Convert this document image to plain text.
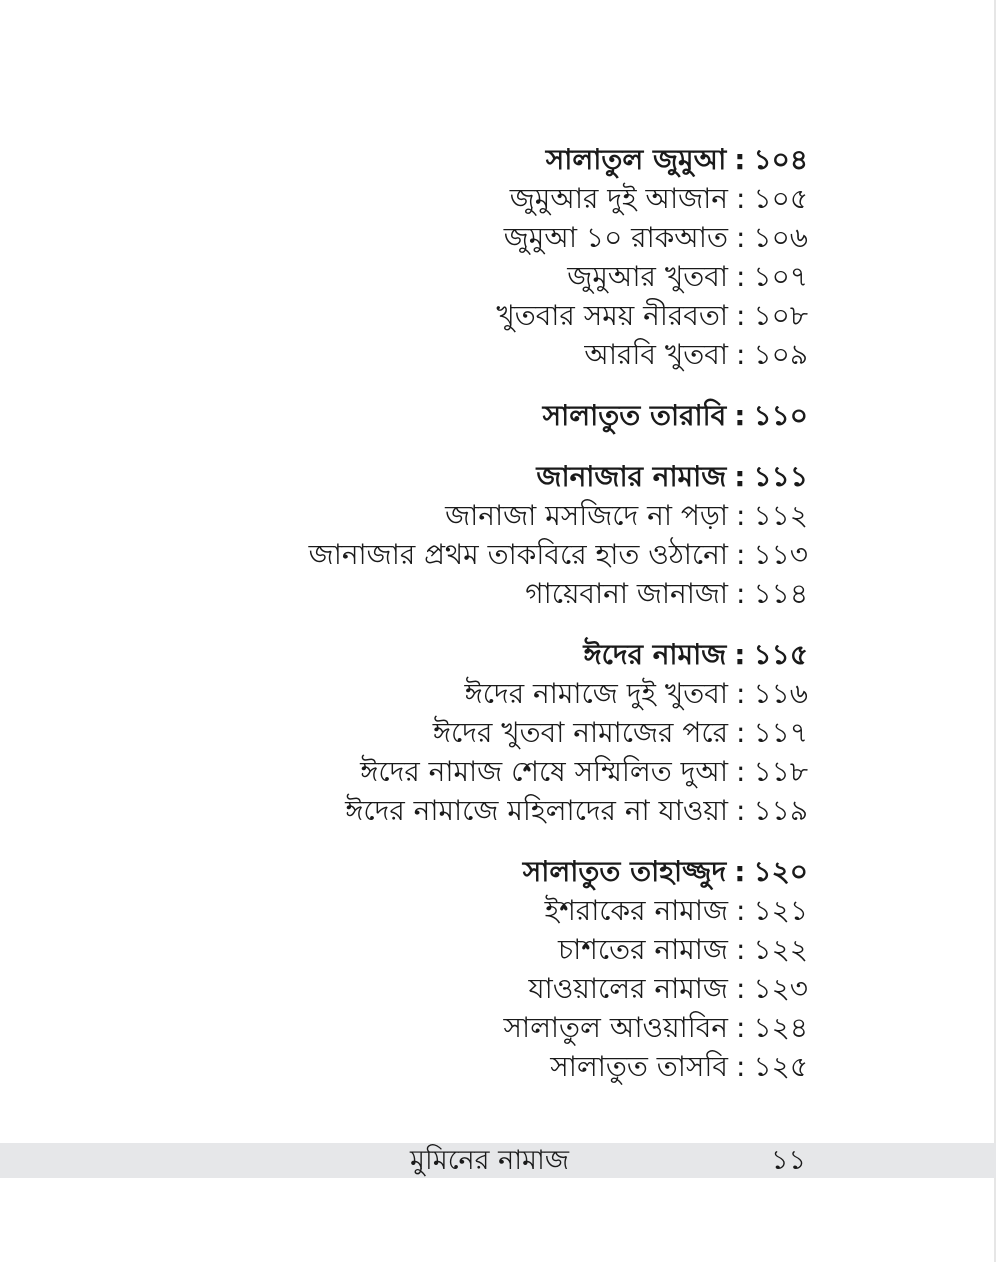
সালাতুল জুমুআ : ১০৪
জুমুআর দুই আজান : ১০৫
জুমুআ ১০ রাকআত : ১০৬
জুমুআর খুতবা : ১০৭
খুতবার সময় নীরবতা : ১০৮
আরবি খুতবা : ১০৯
সালাতুত তারাবি : ১১০
জানাজার নামাজ : ১১১
জানাজা মসজিদে না পড়া : ১১২
জানাজার প্রথম তাকবিরে হাত ওঠানো : ১১৩
গায়েবানা জানাজা : ১১৪
ঈদের নামাজ : ১১৫
ঈদের নামাজে দুই খুতবা : ১১৬
ঈদের খুতবা নামাজের পরে : ১১৭
ঈদের নামাজ শেষে সম্মিলিত দুআ : ১১৮
ঈদের নামাজে মহিলাদের না যাওয়া : ১১৯
সালাতুত তাহাজ্জুদ : ১২০
ইশরাকের নামাজ : ১২১
চাশতের নামাজ : ১২২
যাওয়ালের নামাজ : ১২৩
সালাতুল আওয়াবিন : ১২৪
সালাতুত তাসবি : ১২৫
মুমিনের নামাজ	১১
